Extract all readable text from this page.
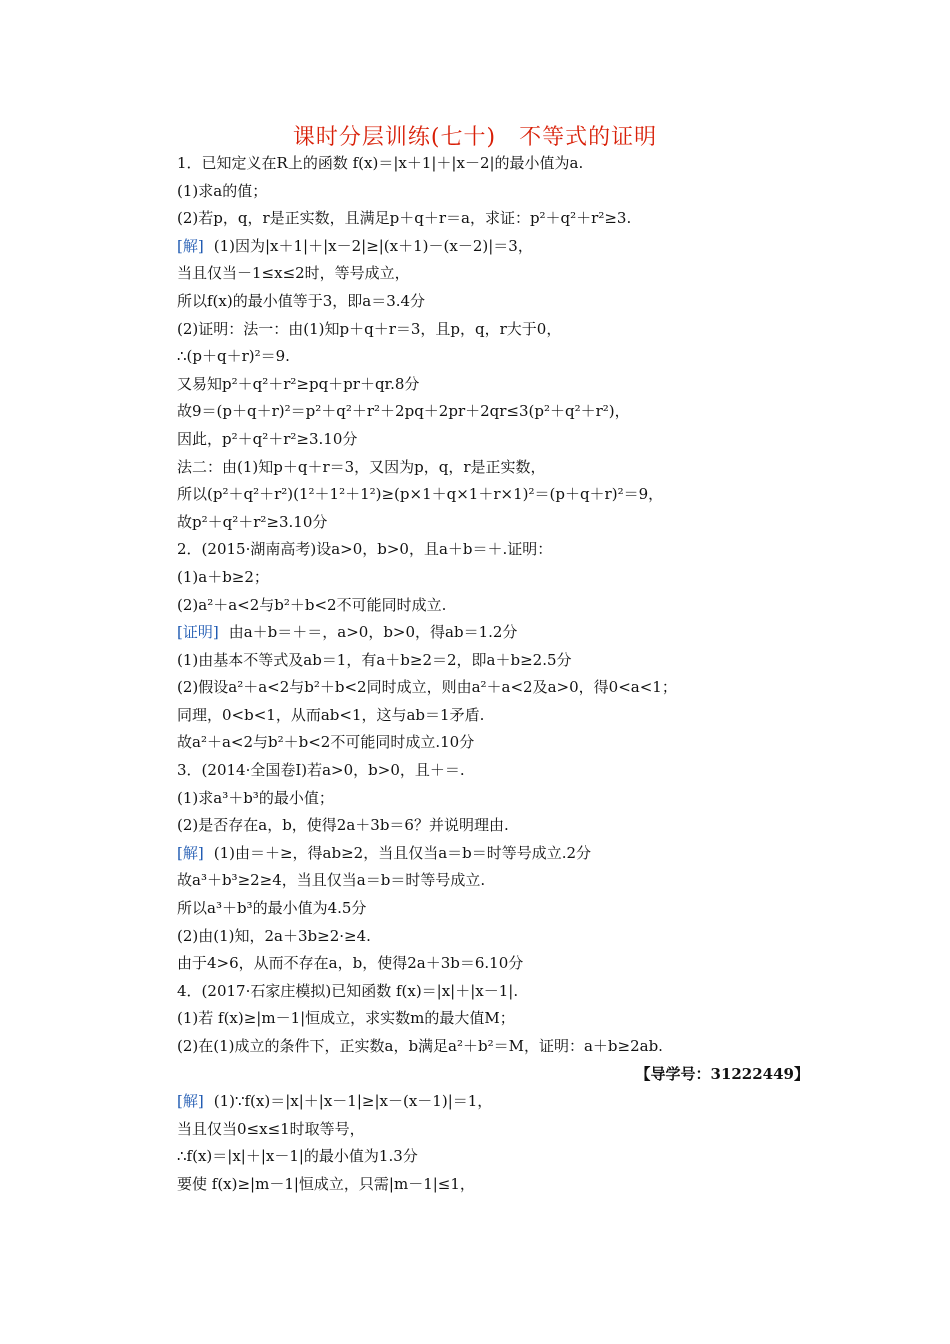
课时分层训练(七十)　不等式的证明
1．已知定义在R上的函数 f(x)＝|x＋1|＋|x－2|的最小值为a.
(1)求a的值；
(2)若p，q，r是正实数，且满足p＋q＋r＝a，求证：p²＋q²＋r²≥3.
[解] (1)因为|x＋1|＋|x－2|≥|(x＋1)－(x－2)|＝3，
当且仅当－1≤x≤2时，等号成立，
所以f(x)的最小值等于3，即a＝3.4分
(2)证明：法一：由(1)知p＋q＋r＝3，且p，q，r大于0，
∴(p＋q＋r)²＝9.
又易知p²＋q²＋r²≥pq＋pr＋qr.8分
故9＝(p＋q＋r)²＝p²＋q²＋r²＋2pq＋2pr＋2qr≤3(p²＋q²＋r²)，
因此，p²＋q²＋r²≥3.10分
法二：由(1)知p＋q＋r＝3，又因为p，q，r是正实数，
所以(p²＋q²＋r²)(1²＋1²＋1²)≥(p×1＋q×1＋r×1)²＝(p＋q＋r)²＝9，
故p²＋q²＋r²≥3.10分
2．(2015·湖南高考)设a>0，b>0，且a＋b＝＋.证明：
(1)a＋b≥2；
(2)a²＋a<2与b²＋b<2不可能同时成立.
[证明] 由a＋b＝＋＝，a>0，b>0，得ab＝1.2分
(1)由基本不等式及ab＝1，有a＋b≥2＝2，即a＋b≥2.5分
(2)假设a²＋a<2与b²＋b<2同时成立，则由a²＋a<2及a>0，得0<a<1；
同理，0<b<1，从而ab<1，这与ab＝1矛盾.
故a²＋a<2与b²＋b<2不可能同时成立.10分
3．(2014·全国卷Ⅰ)若a>0，b>0，且＋＝.
(1)求a³＋b³的最小值；
(2)是否存在a，b，使得2a＋3b＝6？并说明理由.
[解] (1)由＝＋≥，得ab≥2，当且仅当a＝b＝时等号成立.2分
故a³＋b³≥2≥4，当且仅当a＝b＝时等号成立.
所以a³＋b³的最小值为4.5分
(2)由(1)知，2a＋3b≥2·≥4.
由于4>6，从而不存在a，b，使得2a＋3b＝6.10分
4．(2017·石家庄模拟)已知函数 f(x)＝|x|＋|x－1|.
(1)若 f(x)≥|m－1|恒成立，求实数m的最大值M；
(2)在(1)成立的条件下，正实数a，b满足a²＋b²＝M，证明：a＋b≥2ab.
【导学号：31222449】
[解] (1)∵f(x)＝|x|＋|x－1|≥|x－(x－1)|＝1，
当且仅当0≤x≤1时取等号，
∴f(x)＝|x|＋|x－1|的最小值为1.3分
要使 f(x)≥|m－1|恒成立，只需|m－1|≤1，
